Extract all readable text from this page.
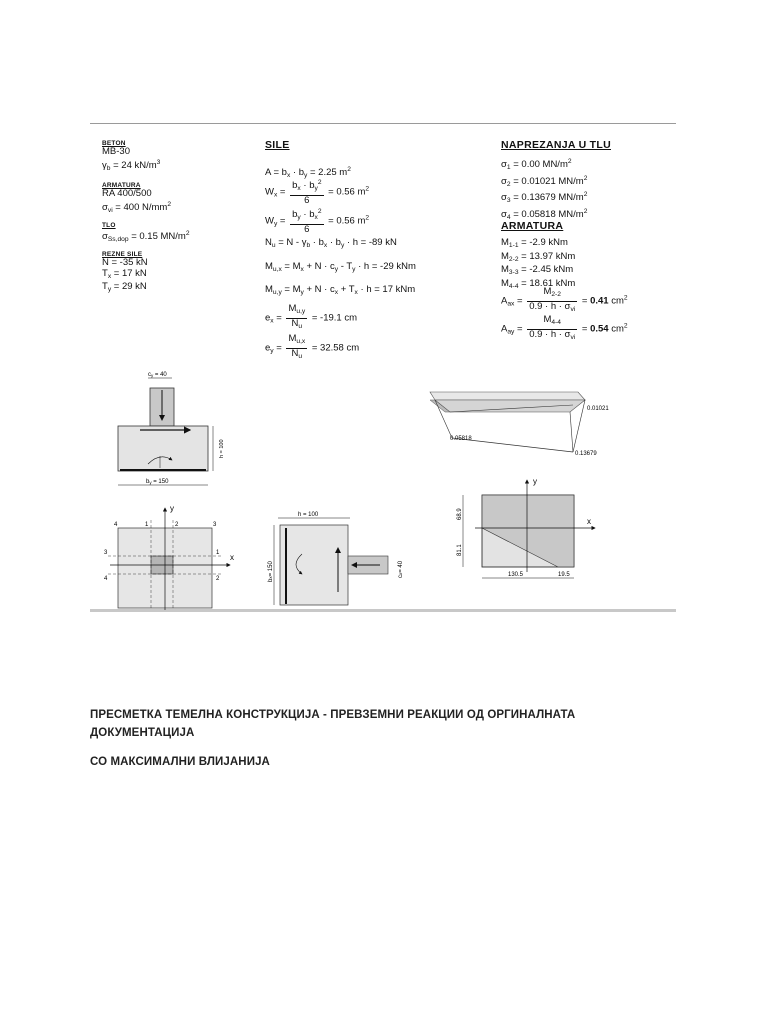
BETON
MB-30
$\gamma_b = 24$ $kN/m^3$
ARMATURA
RA 400/500
$\sigma_{vi} = 400$ $N/mm^2$
TLO
$\sigma_{Ss,dop} = 0.15$ $MN/m^2$
REZNE SILE
N = -35 kN
$T_x = 17$ kN
$T_y = 29$ kN
SILE
$A = b_x \cdot b_y = 2.25$ $m^2$
$W_x = \frac{b_x \cdot b_y^2}{6} = 0.56$ $m^2$
$W_y = \frac{b_y \cdot b_x^2}{6} = 0.56$ $m^2$
$N_u = N - \gamma_b \cdot b_x \cdot b_y \cdot h = -89$ kN
$M_{u,x} = M_x + N \cdot c_y - T_y \cdot h = -29$ kNm
$M_{u,y} = M_y + N \cdot c_x + T_x \cdot h = 17$ kNm
$e_x = \frac{M_{u,y}}{N_u} = -19.1$ cm
$e_y = \frac{M_{u,x}}{N_u} = 32.58$ cm
NAPREZANJA U TLU
$\sigma_1 = 0.00$ $MN/m^2$
$\sigma_2 = 0.01021$ $MN/m^2$
$\sigma_3 = 0.13679$ $MN/m^2$
$\sigma_4 = 0.05818$ $MN/m^2$
ARMATURA
$M_{1-1} = -2.9$ kNm
$M_{2-2} = 13.97$ kNm
$M_{3-3} = -2.45$ kNm
$M_{4-4} = 18.61$ kNm
$A_{ax} = \frac{M_{2-2}}{0.9 \cdot h \cdot \sigma_{vi}} = 0.41$ $cm^2$
$A_{ay} = \frac{M_{4-4}}{0.9 \cdot h \cdot \sigma_{vi}} = 0.54$ $cm^2$
cy = 40
h = 100
by = 150
0.01021
0.05818
0.13679
y
x
1	2
3
4
4	3
1
2
h = 100
bx= 150
cx= 40
y
x
68.9
81.1
130.5	19.5
ПРЕСМЕТКА ТЕМЕЛНА КОНСТРУКЦИЈА - ПРЕВЗЕМНИ РЕАКЦИИ ОД ОРГИНАЛНАТА
ДОКУМЕНТАЦИЈА
СО МАКСИМАЛНИ ВЛИЈАНИЈА
